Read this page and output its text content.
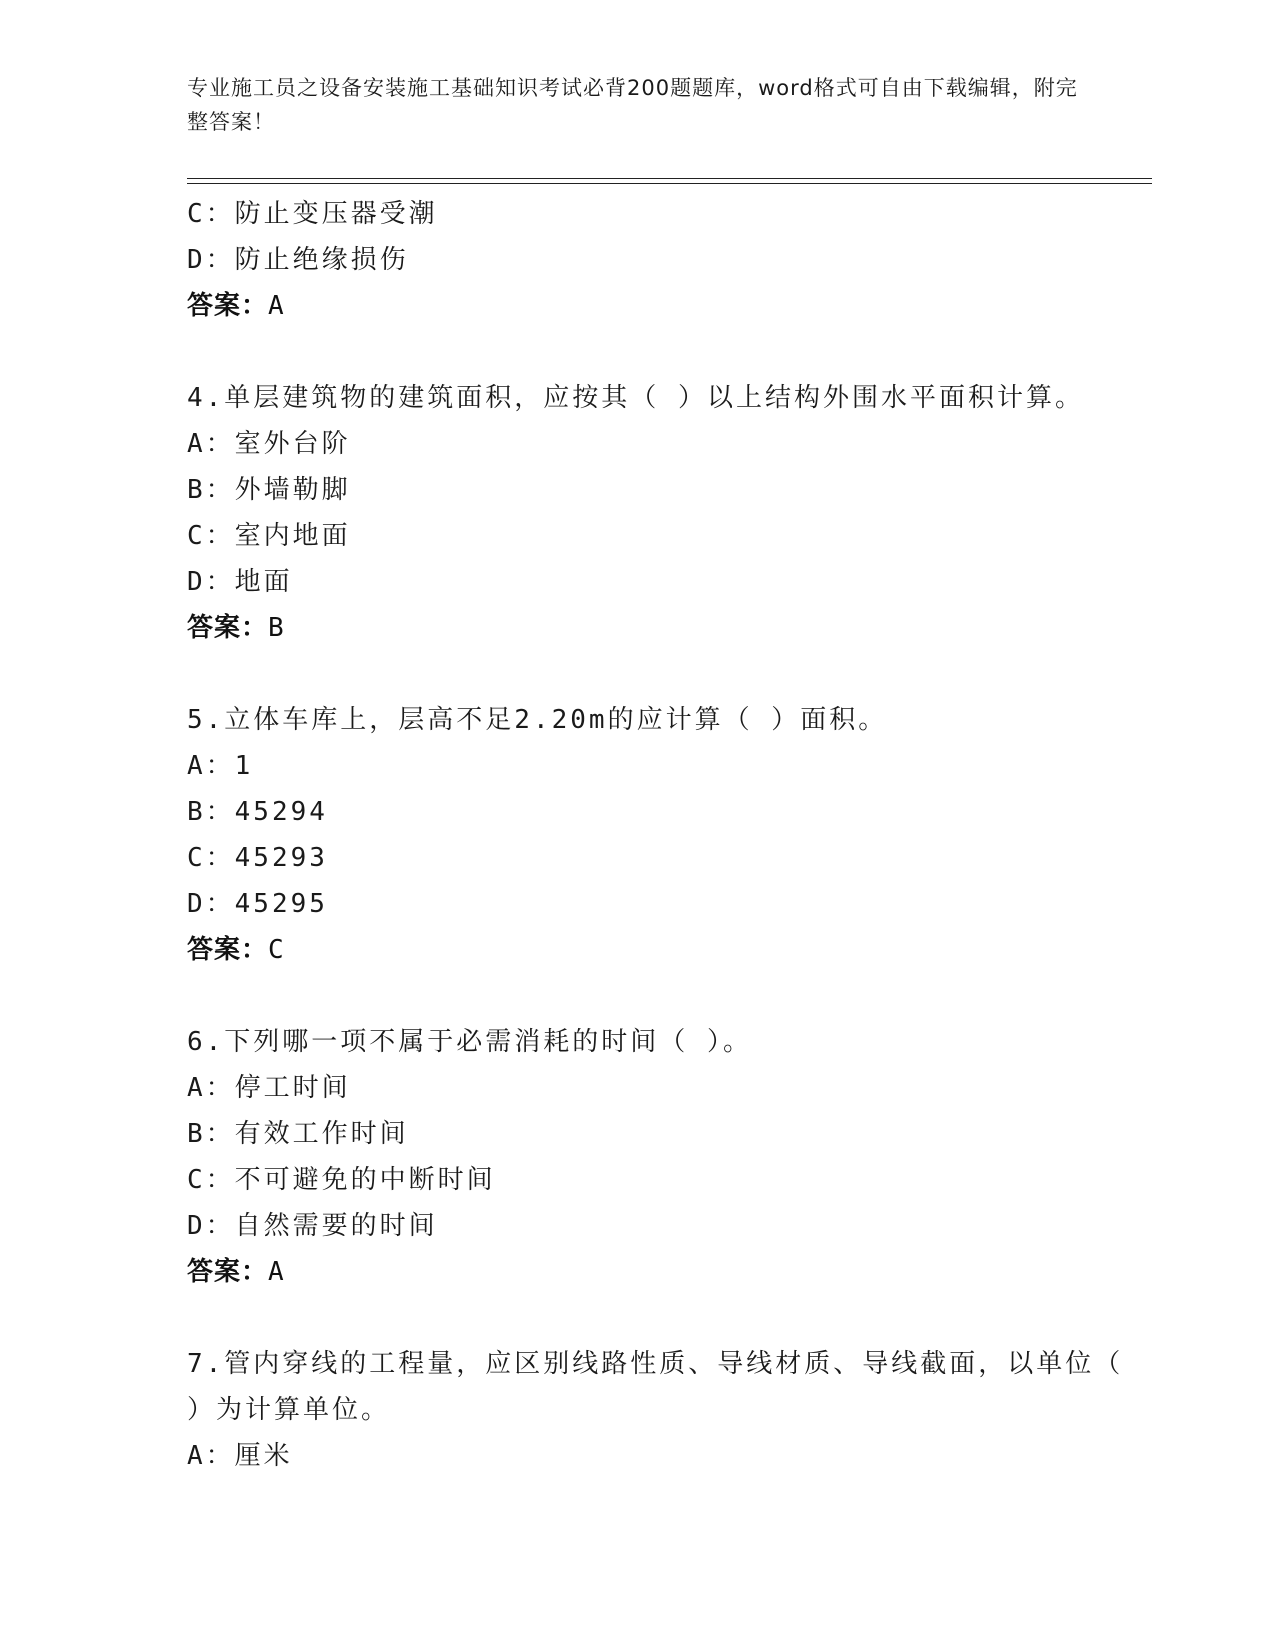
专业施工员之设备安装施工基础知识考试必背200题题库，word格式可自由下载编辑，附完整答案！
C：防止变压器受潮
D：防止绝缘损伤
答案：A
4.单层建筑物的建筑面积，应按其（ ）以上结构外围水平面积计算。
A：室外台阶
B：外墙勒脚
C：室内地面
D：地面
答案：B
5.立体车库上，层高不足2.20m的应计算（ ）面积。
A：1
B：45294
C：45293
D：45295
答案：C
6.下列哪一项不属于必需消耗的时间（ ）。
A：停工时间
B：有效工作时间
C：不可避免的中断时间
D：自然需要的时间
答案：A
7.管内穿线的工程量，应区别线路性质、导线材质、导线截面，以单位（ ）为计算单位。
A：厘米
